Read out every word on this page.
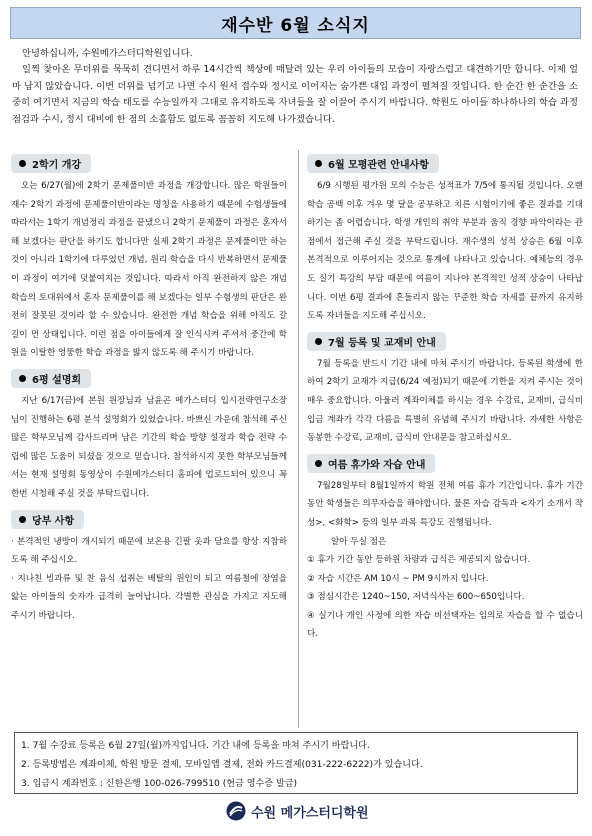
재수반 6월 소식지

안녕하십니까, 수원메가스터디학원입니다.

일찍 찾아온 무더위를 묵묵히 견디면서 하루 14시간씩 책상에 매달려 있는 우리 아이들의 모습이 자랑스럽고 대견하기만 합니다. 이제 얼마 남지 않았습니다. 이번 더위를 넘기고 나면 수시 원서 접수와 정시로 이어지는 숨가쁜 대입 과정이 펼쳐질 것입니다. 한 순간 한 순간을 소중히 여기면서 지금의 학습 태도를 수능일까지 그대로 유지하도록 자녀들을 잘 이끌어 주시기 바랍니다. 학원도 아이들 하나하나의 학습 과정 점검과 수시, 정시 대비에 한 점의 소홀함도 없도록 꼼꼼히 지도해 나가겠습니다.

2학기 개강

오는 6/27(월)에 2학기 문제풀이반 과정을 개강합니다. 많은 학원들이 재수 2학기 과정에 문제풀이반이라는 명칭을 사용하기 때문에 수험생들에 따라서는 1학기 개념정리 과정을 끝냈으니 2학기 문제풀이 과정은 혼자서 해 보겠다는 판단을 하기도 합니다만 실제 2학기 과정은 문제풀이만 하는 것이 아니라 1학기에 다루었던 개념, 원리 학습을 다시 반복하면서 문제풀이 과정이 여기에 덧붙여지는 것입니다. 따라서 아직 완전하지 않은 개념 학습의 토대위에서 혼자 문제풀이를 해 보겠다는 일부 수험생의 판단은 완전히 잘못된 것이라 할 수 있습니다. 완전한 개념 학습을 위해 아직도 갈 길이 먼 상태입니다. 이런 점을 아이들에게 잘 인식시켜 주셔서 중간에 학원을 이탈한 엉뚱한 학습 과정을 밟지 않도록 해 주시기 바랍니다.

6평 설명회

지난 6/17(금)에 본원 원장님과 남윤곤 메가스터디 입시전략연구소장님이 진행하는 6평 분석 설명회가 있었습니다. 바쁘신 가운데 참석해 주신 많은 학부모님께 감사드리며 남은 기간의 학습 방향 설정과 학습 전략 수립에 많은 도움이 되셨을 것으로 믿습니다. 참석하시지 못한 학부모님들께서는 현재 설명회 동영상이 수원메가스터디 홈피에 업로드되어 있으니 꼭 한번 시청해 주실 것을 부탁드립니다.

당부 사항

· 본격적인 냉방이 개시되기 때문에 보온용 긴팔 옷과 담요를 항상 지참하도록 해 주십시오.

· 지나친 빙과류 및 찬 음식 섭취는 배탈의 원인이 되고 여름철에 장염을 앓는 아이들의 숫자가 급격히 늘어납니다. 각별한 관심을 가지고 지도해 주시기 바랍니다.

6월 모평관련 안내사항

6/9 시행된 평가원 모의 수능은 성적표가 7/5에 통지될 것입니다. 오랜 학습 공백 이후 겨우 몇 달을 공부하고 치른 시험이기에 좋은 결과를 기대하기는 좀 어렵습니다. 학생 개인의 취약 부분과 움직 경향 파악이라는 관점에서 접근해 주실 것을 부탁드립니다. 재수생의 성적 상승은 6월 이후 본격적으로 이루어지는 것으로 통계에 나타나고 있습니다. 예체능의 경우도 실기 특강의 부담 때문에 여름이 지나야 본격적인 성적 상승이 나타납니다. 이번 6평 결과에 흔들리지 않는 꾸준한 학습 자세를 끝까지 유지하도록 자녀들을 지도해 주십시오.

7월 등록 및 교재비 안내

7월 등록을 반드시 기간 내에 마쳐 주시기 바랍니다. 등록된 학생에 한하여 2학기 교재가 지급(6/24 예정)되기 때문에 기한을 지켜 주시는 것이 매우 중요합니다. 아울러 계좌이체를 하시는 경우 수강료, 교재비, 급식비 입금 계좌가 각각 다름을 특별히 유념해 주시기 바랍니다. 자세한 사항은 동봉한 수강료, 교재비, 급식비 안내문을 참고하십시오.

여름 휴가와 자습 안내

7월28일부터 8월1일까지 학원 전체 여름 휴가 기간입니다. 휴가 기간 동안 학생들은 의무자습을 해야합니다. 물론 자습 감독과 <자기 소개서 작성>, <화학> 등의 일부 과목 특강도 진행됩니다.

알아 두실 점은

① 휴가 기간 동안 등하원 차량과 급식은 제공되지 않습니다.

② 자습 시간은 AM 10시 ~ PM 9시까지 입니다.

③ 점심시간은 1240~150, 저녁식사는 600~650입니다.

④ 실기나 개인 사정에 의한 자습 비선택자는 임의로 자습을 할 수 없습니다.

1. 7월 수강료 등록은 6월 27일(월)까지입니다. 기간 내에 등록을 마쳐 주시기 바랍니다.

2. 등록방법은 계좌이체, 학원 방문 결제, 모바일앱 결제, 전화 카드결제(031-222-6222)가 있습니다.

3. 입금시 계좌번호 : 신한은행 100-026-799510 (현금 영수증 발급)

수원 메가스터디학원
